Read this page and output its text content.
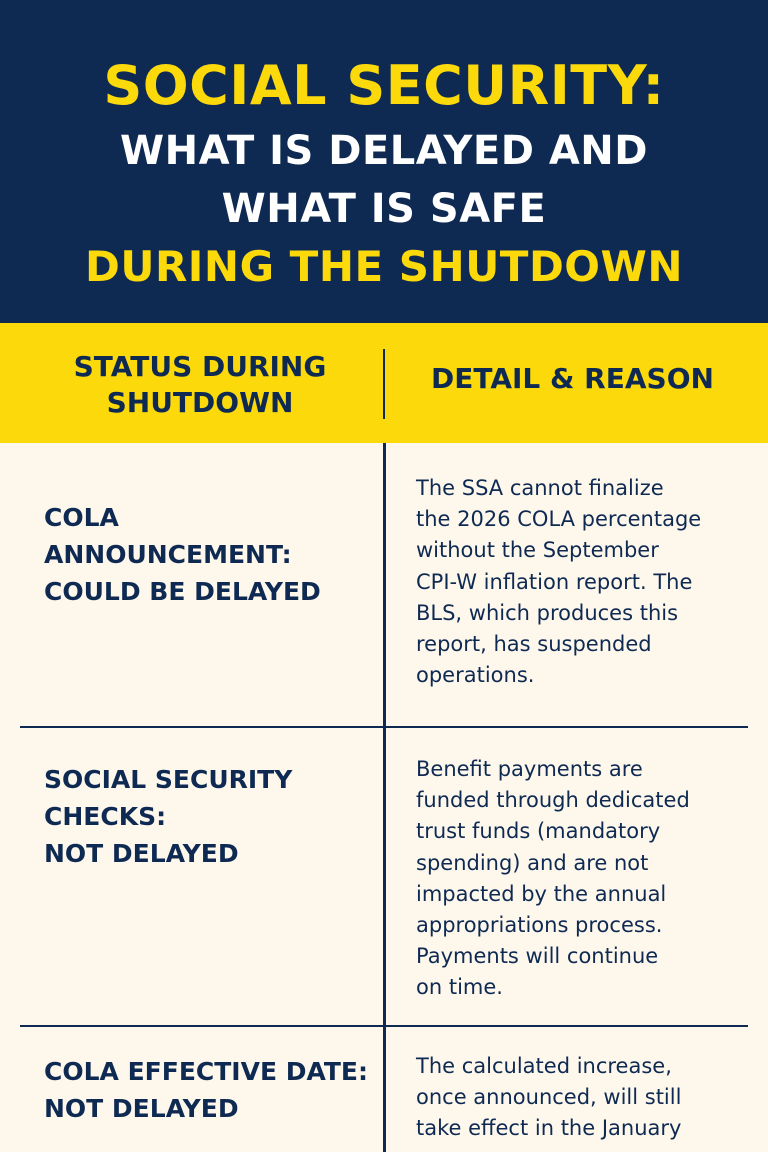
SOCIAL SECURITY:
WHAT IS DELAYED AND
WHAT IS SAFE
DURING THE SHUTDOWN
STATUS DURING
SHUTDOWN
DETAIL & REASON
COLA ANNOUNCEMENT:
COULD BE DELAYED
The SSA cannot finalize
the 2026 COLA percentage
without the September
CPI-W inflation report. The
BLS, which produces this
report, has suspended
operations.
SOCIAL SECURITY
CHECKS:
NOT DELAYED
Benefit payments are
funded through dedicated
trust funds (mandatory
spending) and are not
impacted by the annual
appropriations process.
Payments will continue
on time.
COLA EFFECTIVE DATE:
NOT DELAYED
The calculated increase,
once announced, will still
take effect in the January
